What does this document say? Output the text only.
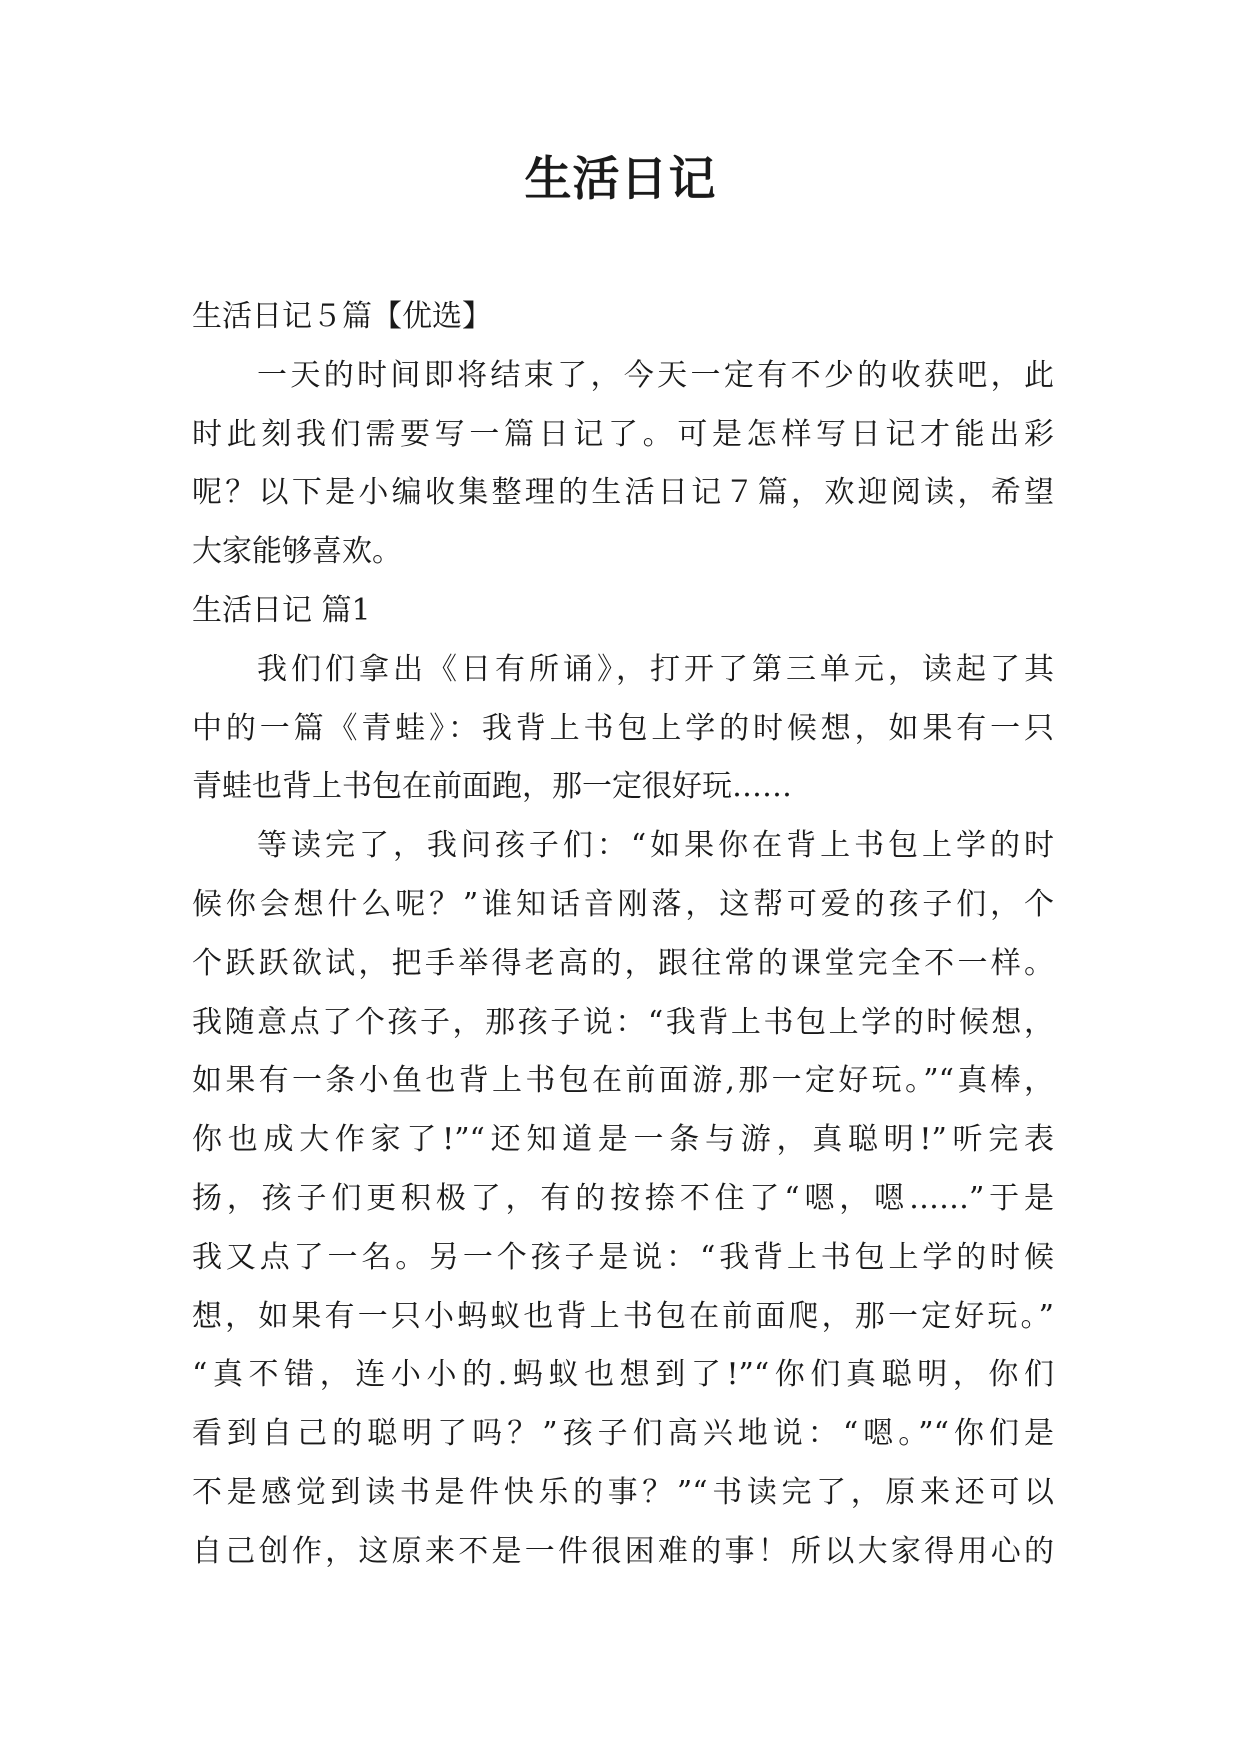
生活日记

生活日记５篇【优选】

一天的时间即将结束了，今天一定有不少的收获吧，此

时此刻我们需要写一篇日记了。可是怎样写日记才能出彩

呢？以下是小编收集整理的生活日记７篇，欢迎阅读，希望

大家能够喜欢。

生活日记 篇1

我们们拿出《日有所诵》，打开了第三单元，读起了其

中的一篇《青蛙》：我背上书包上学的时候想，如果有一只

青蛙也背上书包在前面跑，那一定很好玩……

等读完了，我问孩子们：“如果你在背上书包上学的时

候你会想什么呢？”谁知话音刚落，这帮可爱的孩子们，个

个跃跃欲试，把手举得老高的，跟往常的课堂完全不一样。

我随意点了个孩子，那孩子说：“我背上书包上学的时候想，

如果有一条小鱼也背上书包在前面游,那一定好玩。”“真棒，

你也成大作家了!”“还知道是一条与游，真聪明!”听完表

扬，孩子们更积极了，有的按捺不住了“嗯，嗯……”于是

我又点了一名。另一个孩子是说：“我背上书包上学的时候

想，如果有一只小蚂蚁也背上书包在前面爬，那一定好玩。”

“真不错，连小小的.蚂蚁也想到了!”“你们真聪明，你们

看到自己的聪明了吗？”孩子们高兴地说：“嗯。”“你们是

不是感觉到读书是件快乐的事？”“书读完了，原来还可以

自己创作，这原来不是一件很困难的事！所以大家得用心的
